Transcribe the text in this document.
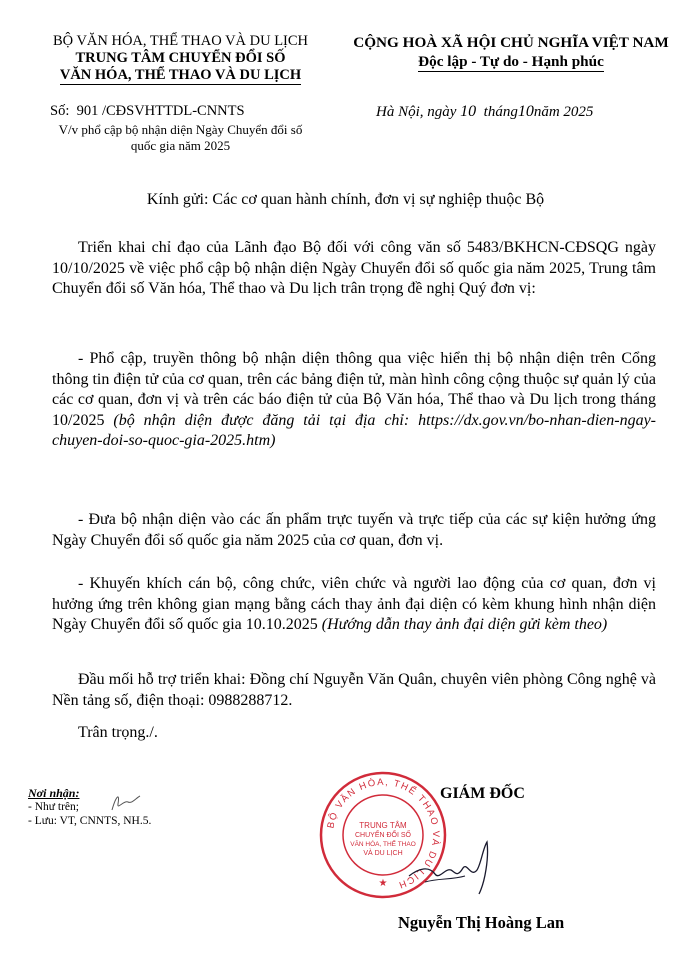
BỘ VĂN HÓA, THỂ THAO VÀ DU LỊCH
TRUNG TÂM CHUYỂN ĐỔI SỐ
VĂN HÓA, THỂ THAO VÀ DU LỊCH
CỘNG HOÀ XÃ HỘI CHỦ NGHĨA VIỆT NAM
Độc lập - Tự do - Hạnh phúc
Số: 901 /CĐSVHTTDL-CNNTS	Hà Nội, ngày 10 tháng10năm 2025
V/v phổ cập bộ nhận diện Ngày Chuyển đổi số
quốc gia năm 2025
Kính gửi: Các cơ quan hành chính, đơn vị sự nghiệp thuộc Bộ
Triển khai chỉ đạo của Lãnh đạo Bộ đối với công văn số 5483/BKHCN-CĐSQG ngày 10/10/2025 về việc phổ cập bộ nhận diện Ngày Chuyển đổi số quốc gia năm 2025, Trung tâm Chuyển đổi số Văn hóa, Thể thao và Du lịch trân trọng đề nghị Quý đơn vị:
- Phổ cập, truyền thông bộ nhận diện thông qua việc hiển thị bộ nhận diện trên Cổng thông tin điện tử của cơ quan, trên các bảng điện tử, màn hình công cộng thuộc sự quản lý của các cơ quan, đơn vị và trên các báo điện tử của Bộ Văn hóa, Thể thao và Du lịch trong tháng 10/2025 (bộ nhận diện được đăng tải tại địa chỉ: https://dx.gov.vn/bo-nhan-dien-ngay-chuyen-doi-so-quoc-gia-2025.htm)
- Đưa bộ nhận diện vào các ấn phẩm trực tuyến và trực tiếp của các sự kiện hưởng ứng Ngày Chuyển đổi số quốc gia năm 2025 của cơ quan, đơn vị.
- Khuyến khích cán bộ, công chức, viên chức và người lao động của cơ quan, đơn vị hưởng ứng trên không gian mạng bằng cách thay ảnh đại diện có kèm khung hình nhận diện Ngày Chuyển đổi số quốc gia 10.10.2025 (Hướng dẫn thay ảnh đại diện gửi kèm theo)
Đầu mối hỗ trợ triển khai: Đồng chí Nguyễn Văn Quân, chuyên viên phòng Công nghệ và Nền tảng số, điện thoại: 0988288712.
Trân trọng./.
Nơi nhận:
- Như trên;
- Lưu: VT, CNNTS, NH.5.
GIÁM ĐỐC
BỘ VĂN HÓA, THỂ THAO VÀ DU LỊCH
TRUNG TÂM
CHUYỂN ĐỔI SỐ
VĂN HÓA, THỂ THAO
VÀ DU LỊCH
★
Nguyễn Thị Hoàng Lan
